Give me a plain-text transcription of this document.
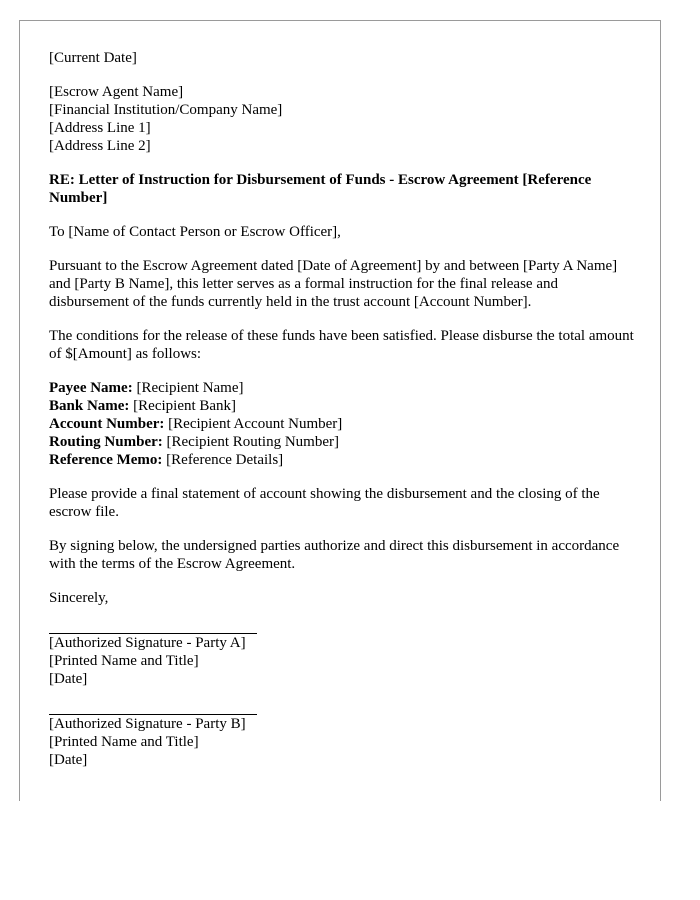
[Current Date]

[Escrow Agent Name]
[Financial Institution/Company Name]
[Address Line 1]
[Address Line 2]

RE: Letter of Instruction for Disbursement of Funds - Escrow Agreement [Reference Number]

To [Name of Contact Person or Escrow Officer],

Pursuant to the Escrow Agreement dated [Date of Agreement] by and between [Party A Name] and [Party B Name], this letter serves as a formal instruction for the final release and disbursement of the funds currently held in the trust account [Account Number].

The conditions for the release of these funds have been satisfied. Please disburse the total amount of $[Amount] as follows:

Payee Name: [Recipient Name]
Bank Name: [Recipient Bank]
Account Number: [Recipient Account Number]
Routing Number: [Recipient Routing Number]
Reference Memo: [Reference Details]

Please provide a final statement of account showing the disbursement and the closing of the escrow file.

By signing below, the undersigned parties authorize and direct this disbursement in accordance with the terms of the Escrow Agreement.

Sincerely,

[Authorized Signature - Party A]
[Printed Name and Title]
[Date]
[Authorized Signature - Party B]
[Printed Name and Title]
[Date]
